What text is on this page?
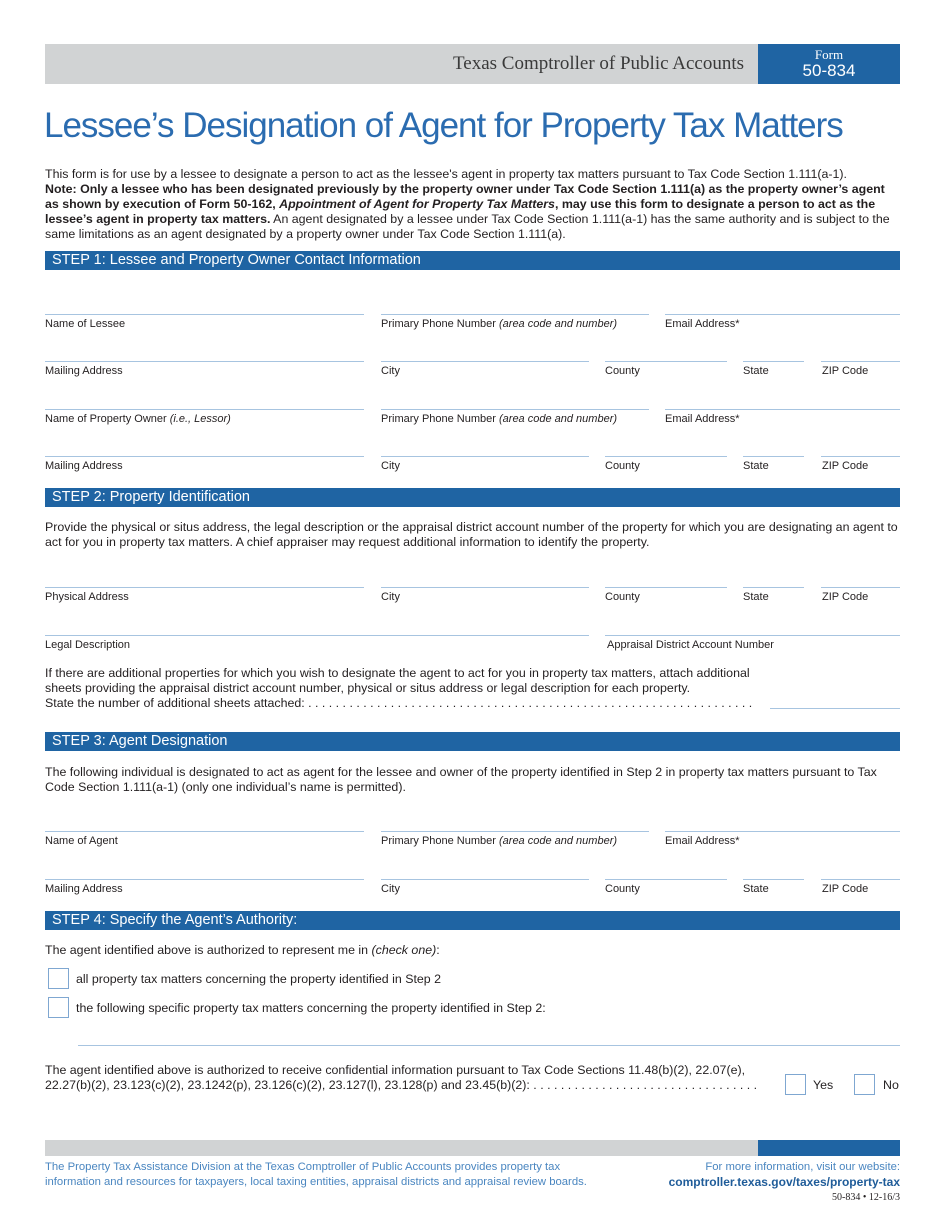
Texas Comptroller of Public Accounts	Form
50-834
Lessee’s Designation of Agent for Property Tax Matters
This form is for use by a lessee to designate a person to act as the lessee's agent in property tax matters pursuant to Tax Code Section 1.111(a-1).
Note: Only a lessee who has been designated previously by the property owner under Tax Code Section 1.111(a) as the property owner’s agent as shown by execution of Form 50-162, Appointment of Agent for Property Tax Matters, may use this form to designate a person to act as the lessee’s agent in property tax matters. An agent designated by a lessee under Tax Code Section 1.111(a-1) has the same authority and is subject to the same limitations as an agent designated by a property owner under Tax Code Section 1.111(a).
STEP 1: Lessee and Property Owner Contact Information
Name of Lessee	Primary Phone Number (area code and number)	Email Address*
Mailing Address	City	County	State	ZIP Code
Name of Property Owner (i.e., Lessor)	Primary Phone Number (area code and number)	Email Address*
Mailing Address	City	County	State	ZIP Code
STEP 2: Property Identification
Provide the physical or situs address, the legal description or the appraisal district account number of the property for which you are designating an agent to act for you in property tax matters. A chief appraiser may request additional information to identify the property.
Physical Address	City	County	State	ZIP Code
Legal Description	Appraisal District Account Number
If there are additional properties for which you wish to designate the agent to act for you in property tax matters, attach additional
sheets providing the appraisal district account number, physical or situs address or legal description for each property.
State the number of additional sheets attached: . . . . . . . . . . . . . . . . . . . . . . . . . . . . . . . . . . . . . . . . . . . . . . . . . . . . . . . . . . . . . . . . .
STEP 3: Agent Designation
The following individual is designated to act as agent for the lessee and owner of the property identified in Step 2 in property tax matters pursuant to Tax Code Section 1.111(a-1) (only one individual’s name is permitted).
Name of Agent	Primary Phone Number (area code and number)	Email Address*
Mailing Address	City	County	State	ZIP Code
STEP 4: Specify the Agent’s Authority:
The agent identified above is authorized to represent me in (check one):
all property tax matters concerning the property identified in Step 2
the following specific property tax matters concerning the property identified in Step 2:
The agent identified above is authorized to receive confidential information pursuant to Tax Code Sections 11.48(b)(2), 22.07(e),
22.27(b)(2), 23.123(c)(2), 23.1242(p), 23.126(c)(2), 23.127(l), 23.128(p) and 23.45(b)(2): . . . . . . . . . . . . . . . . . . . . . . . . . . . . . . . . .	Yes	No
The Property Tax Assistance Division at the Texas Comptroller of Public Accounts provides property tax information and resources for taxpayers, local taxing entities, appraisal districts and appraisal review boards.
For more information, visit our website:
comptroller.texas.gov/taxes/property-tax
50-834 • 12-16/3
